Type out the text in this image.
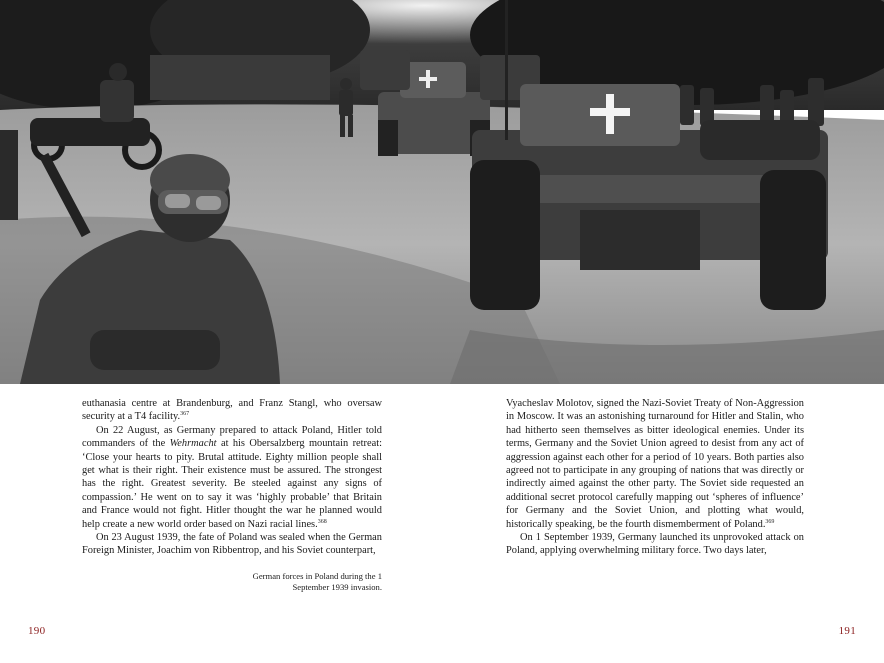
euthanasia centre at Brandenburg, and Franz Stangl, who oversaw security at a T4 facility.$^{367}$

On 22 August, as Germany prepared to attack Poland, Hitler told commanders of the Wehrmacht at his Obersalzberg mountain retreat: ‘Close your hearts to pity. Brutal attitude. Eighty million people shall get what is their right. Their existence must be assured. The strongest has the right. Greatest severity. Be steeled against any signs of compassion.’ He went on to say it was ‘highly probable’ that Britain and France would not fight. Hitler thought the war he planned would help create a new world order based on Nazi racial lines.$^{368}$

On 23 August 1939, the fate of Poland was sealed when the German Foreign Minister, Joachim von Ribbentrop, and his Soviet counterpart,

Vyacheslav Molotov, signed the Nazi-Soviet Treaty of Non-Aggression in Moscow. It was an astonishing turnaround for Hitler and Stalin, who had hitherto seen themselves as bitter ideological enemies. Under its terms, Germany and the Soviet Union agreed to desist from any act of aggression against each other for a period of 10 years. Both parties also agreed not to participate in any grouping of nations that was directly or indirectly aimed against the other party. The Soviet side requested an additional secret protocol carefully mapping out ‘spheres of influence’ for Germany and the Soviet Union, and plotting what would, historically speaking, be the fourth dismemberment of Poland.$^{369}$

On 1 September 1939, Germany launched its unprovoked attack on Poland, applying overwhelming military force. Two days later,

German forces in Poland during the 1
September 1939 invasion.
190	191
